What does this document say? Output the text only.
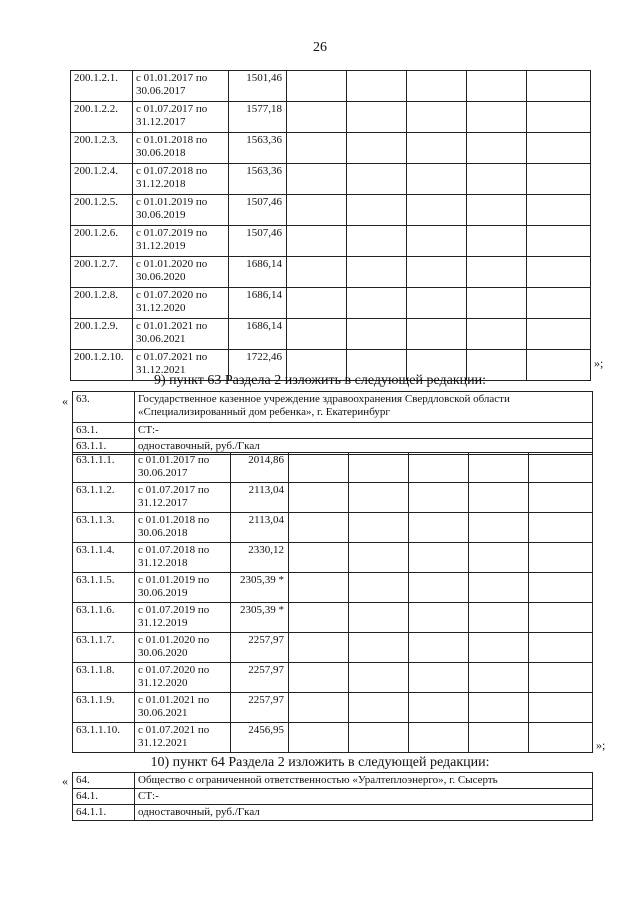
26
200.1.2.1.	с 01.01.2017 по 30.06.2017	1501,46					
200.1.2.2.	с 01.07.2017 по 31.12.2017	1577,18					
200.1.2.3.	с 01.01.2018 по 30.06.2018	1563,36					
200.1.2.4.	с 01.07.2018 по 31.12.2018	1563,36					
200.1.2.5.	с 01.01.2019 по 30.06.2019	1507,46					
200.1.2.6.	с 01.07.2019 по 31.12.2019	1507,46					
200.1.2.7.	с 01.01.2020 по 30.06.2020	1686,14					
200.1.2.8.	с 01.07.2020 по 31.12.2020	1686,14					
200.1.2.9.	с 01.01.2021 по 30.06.2021	1686,14					
200.1.2.10.	с 01.07.2021 по 31.12.2021	1722,46						»;
9) пункт 63 Раздела 2 изложить в следующей редакции:
« 63.	Государственное казенное учреждение здравоохранения Свердловской области «Специализированный дом ребенка», г. Екатеринбург
63.1.	СТ:-
63.1.1.	одноставочный, руб./Гкал
63.1.1.1.	с 01.01.2017 по 30.06.2017	2014,86					
63.1.1.2.	с 01.07.2017 по 31.12.2017	2113,04					
63.1.1.3.	с 01.01.2018 по 30.06.2018	2113,04					
63.1.1.4.	с 01.07.2018 по 31.12.2018	2330,12					
63.1.1.5.	с 01.01.2019 по 30.06.2019	2305,39 *					
63.1.1.6.	с 01.07.2019 по 31.12.2019	2305,39 *					
63.1.1.7.	с 01.01.2020 по 30.06.2020	2257,97					
63.1.1.8.	с 01.07.2020 по 31.12.2020	2257,97					
63.1.1.9.	с 01.01.2021 по 30.06.2021	2257,97					
63.1.1.10.	с 01.07.2021 по 31.12.2021	2456,95					
»;
10) пункт 64 Раздела 2 изложить в следующей редакции:
« 64.	Общество с ограниченной ответственностью «Уралтеплоэнерго», г. Сысерть
64.1.	СТ:-
64.1.1.	одноставочный, руб./Гкал
